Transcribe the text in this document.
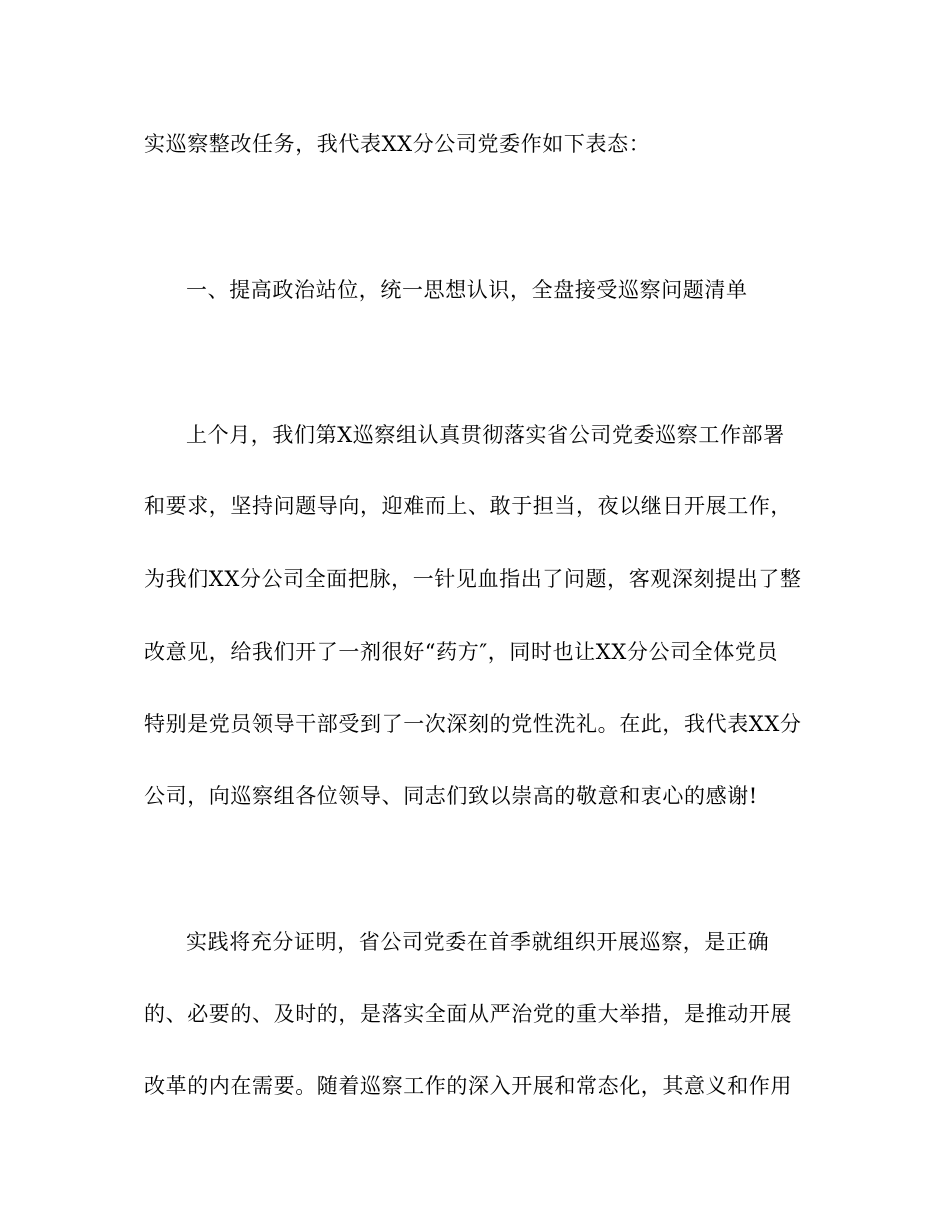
实巡察整改任务，我代表XX分公司党委作如下表态：
一、提高政治站位，统一思想认识，全盘接受巡察问题清单
上个月，我们第X巡察组认真贯彻落实省公司党委巡察工作部署
和要求，坚持问题导向，迎难而上、敢于担当，夜以继日开展工作，
为我们XX分公司全面把脉，一针见血指出了问题，客观深刻提出了整
改意见，给我们开了一剂很好“药方″，同时也让XX分公司全体党员
特别是党员领导干部受到了一次深刻的党性洗礼。在此，我代表XX分
公司，向巡察组各位领导、同志们致以崇高的敬意和衷心的感谢!
实践将充分证明，省公司党委在首季就组织开展巡察，是正确
的、必要的、及时的，是落实全面从严治党的重大举措，是推动开展
改革的内在需要。随着巡察工作的深入开展和常态化，其意义和作用
